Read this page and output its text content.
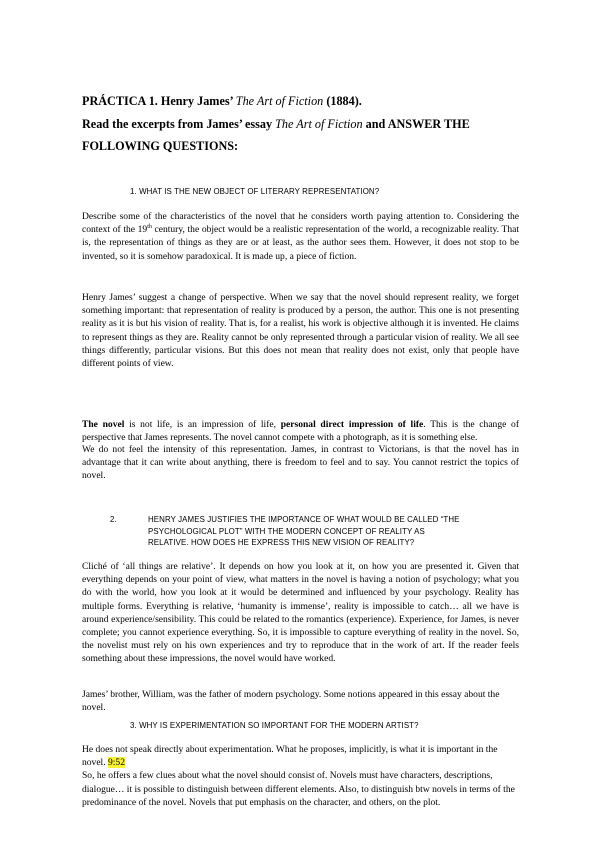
PRÁCTICA 1. Henry James’ The Art of Fiction (1884).
Read the excerpts from James’ essay The Art of Fiction and ANSWER THE
FOLLOWING QUESTIONS:
1. WHAT IS THE NEW OBJECT OF LITERARY REPRESENTATION?
Describe some of the characteristics of the novel that he considers worth paying attention to. Considering the context of the 19th century, the object would be a realistic representation of the world, a recognizable reality. That is, the representation of things as they are or at least, as the author sees them. However, it does not stop to be invented, so it is somehow paradoxical. It is made up, a piece of fiction.
Henry James’ suggest a change of perspective. When we say that the novel should represent reality, we forget something important: that representation of reality is produced by a person, the author. This one is not presenting reality as it is but his vision of reality. That is, for a realist, his work is objective although it is invented. He claims to represent things as they are. Reality cannot be only represented through a particular vision of reality. We all see things differently, particular visions. But this does not mean that reality does not exist, only that people have different points of view.
The novel is not life, is an impression of life, personal direct impression of life. This is the change of perspective that James represents. The novel cannot compete with a photograph, as it is something else.
We do not feel the intensity of this representation. James, in contrast to Victorians, is that the novel has in advantage that it can write about anything, there is freedom to feel and to say. You cannot restrict the topics of novel.
2.	HENRY JAMES JUSTIFIES THE IMPORTANCE OF WHAT WOULD BE CALLED “THE
PSYCHOLOGICAL PLOT” WITH THE MODERN CONCEPT OF REALITY AS
RELATIVE. HOW DOES HE EXPRESS THIS NEW VISION OF REALITY?
Cliché of ‘all things are relative’. It depends on how you look at it, on how you are presented it. Given that everything depends on your point of view, what matters in the novel is having a notion of psychology; what you do with the world, how you look at it would be determined and influenced by your psychology. Reality has multiple forms. Everything is relative, ‘humanity is immense’, reality is impossible to catch… all we have is around experience/sensibility. This could be related to the romantics (experience). Experience, for James, is never complete; you cannot experience everything. So, it is impossible to capture everything of reality in the novel. So, the novelist must rely on his own experiences and try to reproduce that in the work of art. If the reader feels something about these impressions, the novel would have worked.
James’ brother, William, was the father of modern psychology. Some notions appeared in this essay about the novel.
3. WHY IS EXPERIMENTATION SO IMPORTANT FOR THE MODERN ARTIST?
He does not speak directly about experimentation. What he proposes, implicitly, is what it is important in the novel. 9:52
So, he offers a few clues about what the novel should consist of. Novels must have characters, descriptions, dialogue… it is possible to distinguish between different elements. Also, to distinguish btw novels in terms of the predominance of the novel. Novels that put emphasis on the character, and others, on the plot.
